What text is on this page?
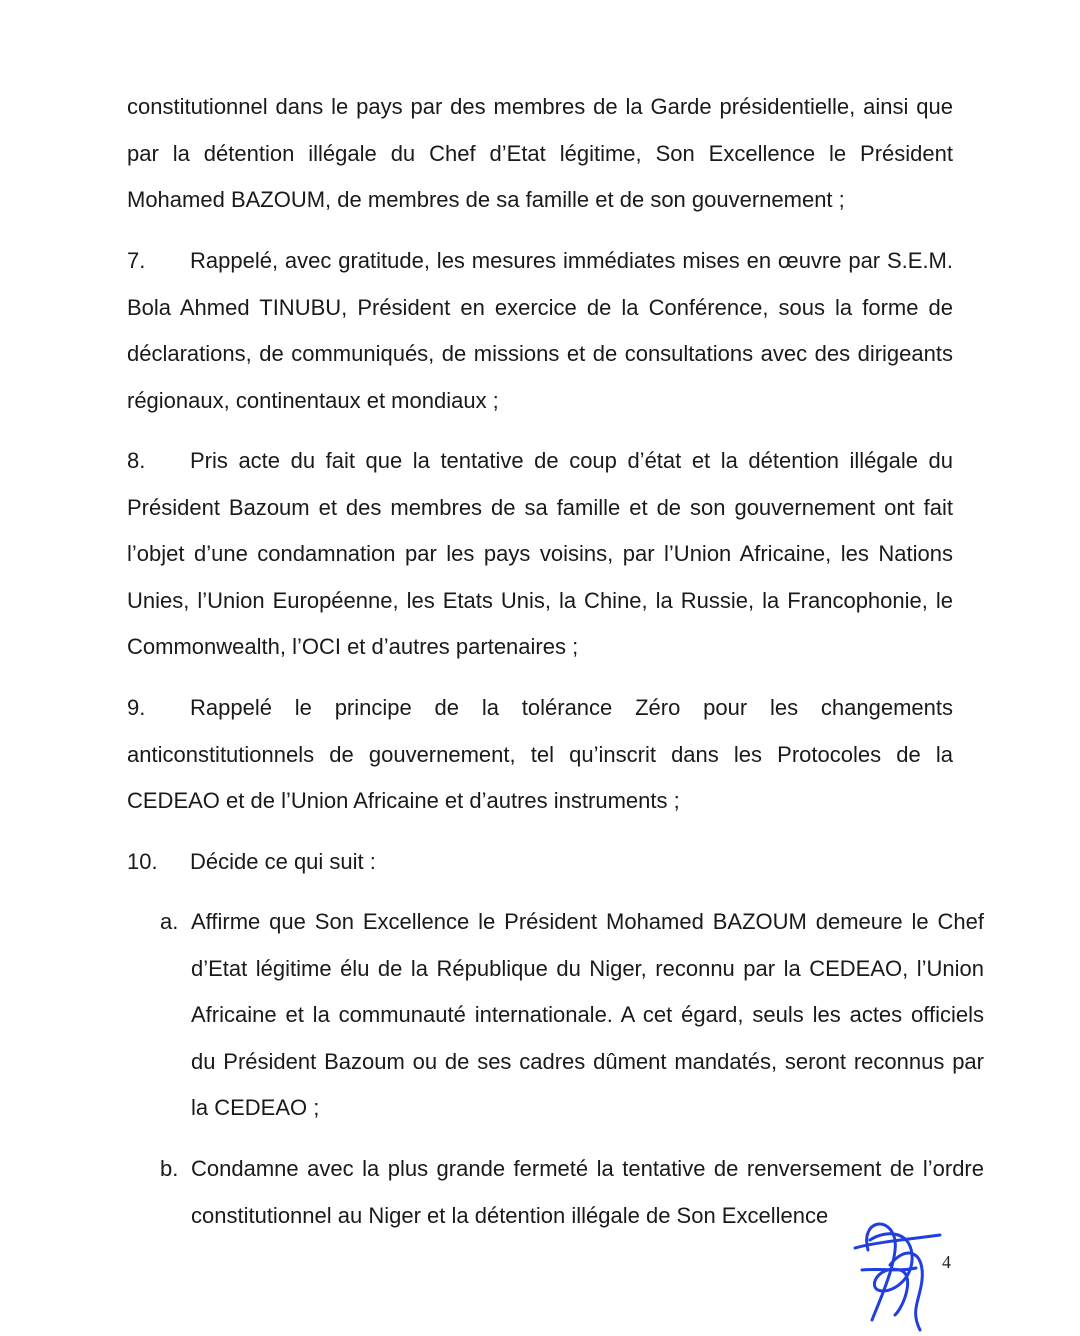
constitutionnel dans le pays par des membres de la Garde présidentielle, ainsi que par la détention illégale du Chef d’Etat légitime, Son Excellence le Président Mohamed BAZOUM, de membres de sa famille et de son gouvernement ;

7. Rappelé, avec gratitude, les mesures immédiates mises en œuvre par S.E.M. Bola Ahmed TINUBU, Président en exercice de la Conférence, sous la forme de déclarations, de communiqués, de missions et de consultations avec des dirigeants régionaux, continentaux et mondiaux ;

8. Pris acte du fait que la tentative de coup d’état et la détention illégale du Président Bazoum et des membres de sa famille et de son gouvernement ont fait l’objet d’une condamnation par les pays voisins, par l’Union Africaine, les Nations Unies, l’Union Européenne, les Etats Unis, la Chine, la Russie, la Francophonie, le Commonwealth, l’OCI et d’autres partenaires ;

9. Rappelé le principe de la tolérance Zéro pour les changements anticonstitutionnels de gouvernement, tel qu’inscrit dans les Protocoles de la CEDEAO et de l’Union Africaine et d’autres instruments ;

10. Décide ce qui suit :

a. Affirme que Son Excellence le Président Mohamed BAZOUM demeure le Chef d’Etat légitime élu de la République du Niger, reconnu par la CEDEAO, l’Union Africaine et la communauté internationale. A cet égard, seuls les actes officiels du Président Bazoum ou de ses cadres dûment mandatés, seront reconnus par la CEDEAO ;

b. Condamne avec la plus grande fermeté la tentative de renversement de l’ordre constitutionnel au Niger et la détention illégale de Son Excellence

4
